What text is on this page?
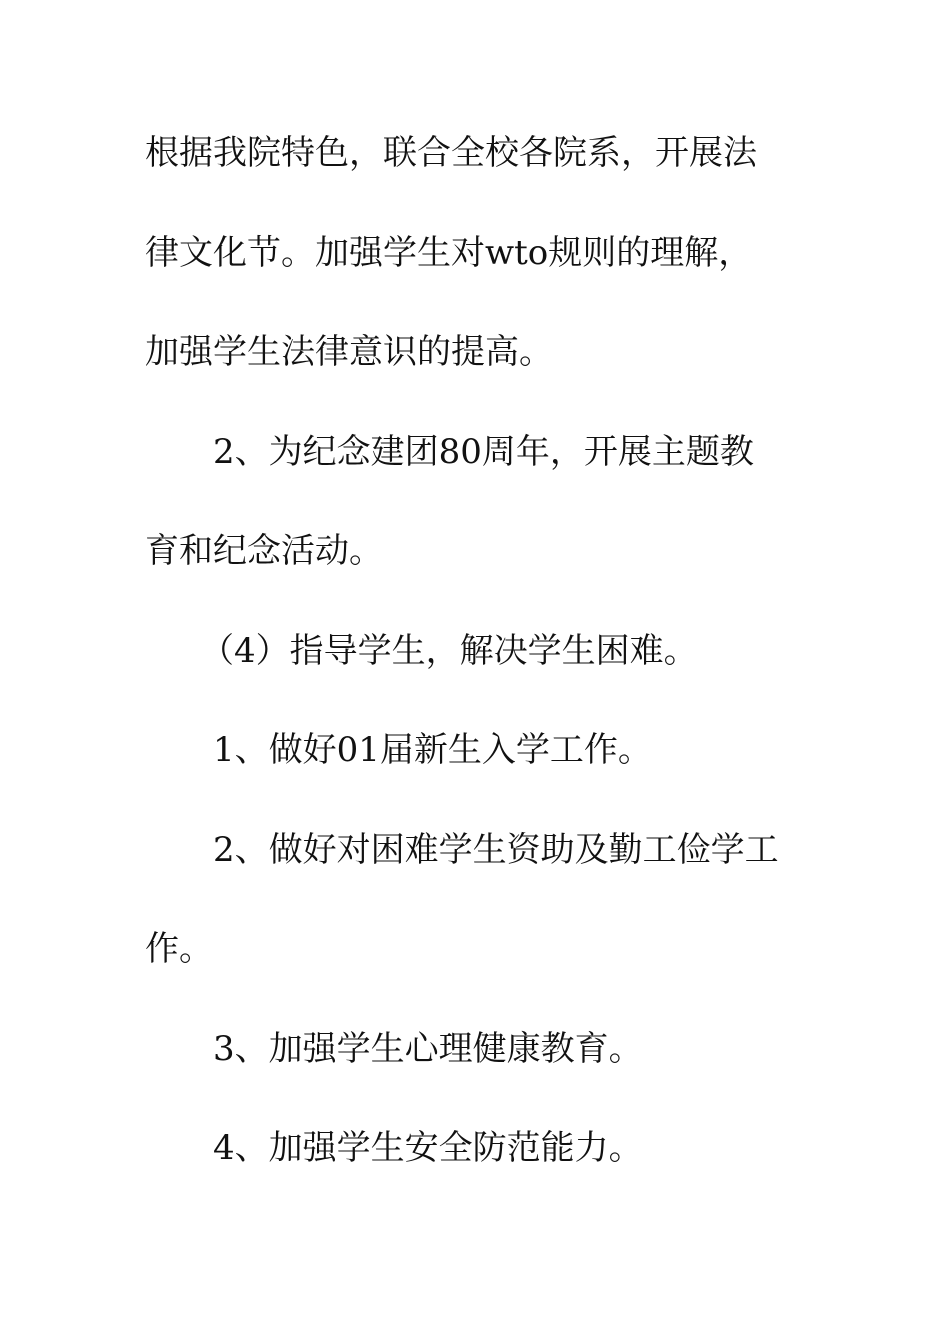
根据我院特色，联合全校各院系，开展法
律文化节。加强学生对wto规则的理解，
加强学生法律意识的提高。
2、为纪念建团80周年，开展主题教
育和纪念活动。
（4）指导学生，解决学生困难。
1、做好01届新生入学工作。
2、做好对困难学生资助及勤工俭学工
作。
3、加强学生心理健康教育。
4、加强学生安全防范能力。
